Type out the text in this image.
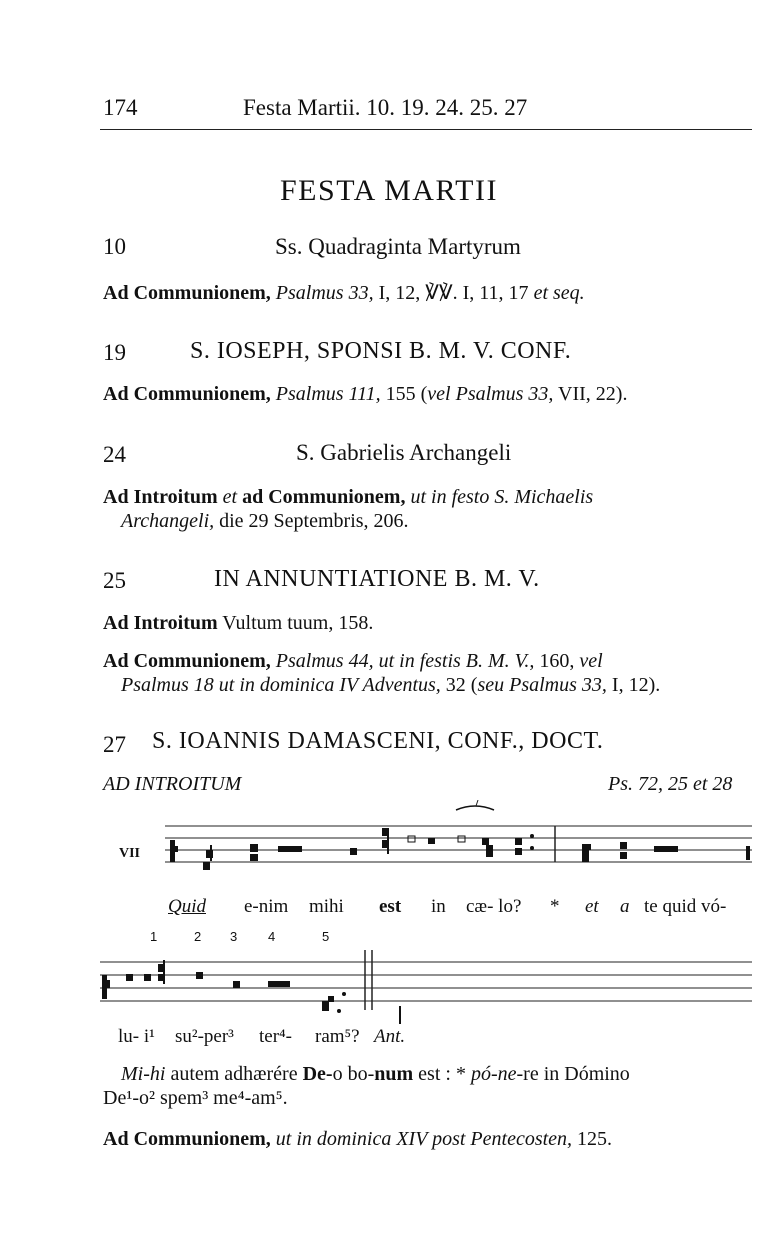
174	Festa Martii. 10. 19. 24. 25. 27
FESTA MARTII
10	Ss. Quadraginta Martyrum
Ad Communionem, Psalmus 33, I, 12, ℣℣. I, 11, 17 et seq.
19	S. IOSEPH, SPONSI B. M. V. CONF.
Ad Communionem, Psalmus 111, 155 (vel Psalmus 33, VII, 22).
24	S. Gabrielis Archangeli
Ad Introitum et ad Communionem, ut in festo S. Michaelis
Archangeli, die 29 Septembris, 206.
25	IN ANNUNTIATIONE B. M. V.
Ad Introitum Vultum tuum, 158.
Ad Communionem, Psalmus 44, ut in festis B. M. V., 160, vel
Psalmus 18 ut in dominica IV Adventus, 32 (seu Psalmus 33, I, 12).
27 S. IOANNIS DAMASCENI, CONF., DOCT.
AD INTROITUM	Ps. 72, 25 et 28
VII
Quid e-nim mihi est in cæ- lo? * et a te quid vó-
1	2 3 4	5
lu- i¹ su²-per³ ter⁴- ram⁵? Ant.
Mi-hi autem adhærére De-o bo-num est : * pó-ne-re in Dómino
De¹-o² spem³ me⁴-am⁵.
Ad Communionem, ut in dominica XIV post Pentecosten, 125.
